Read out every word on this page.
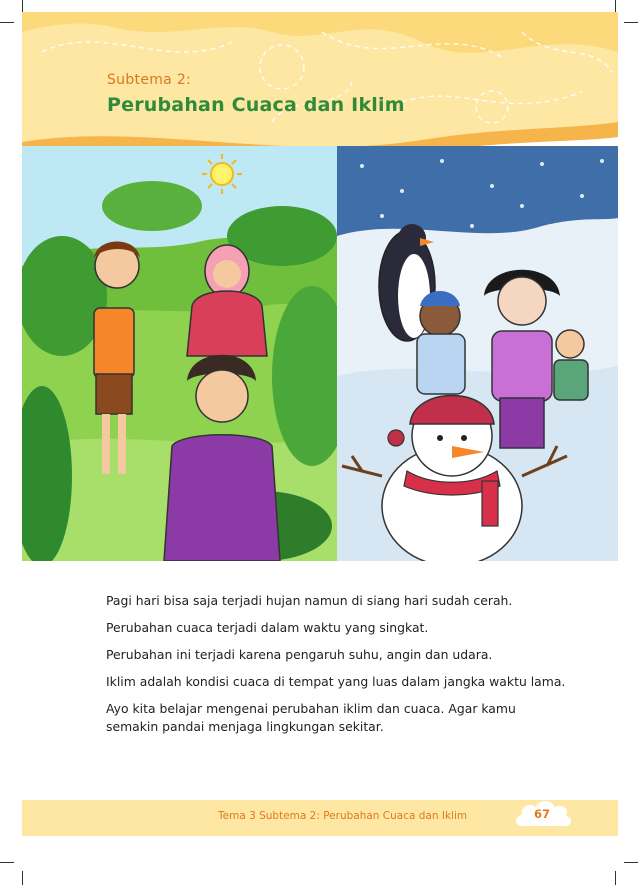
Subtema 2:
Perubahan Cuaca dan Iklim

Pagi hari bisa saja terjadi hujan namun di siang hari sudah cerah.

Perubahan cuaca terjadi dalam waktu yang singkat.

Perubahan ini terjadi karena pengaruh suhu, angin dan udara.

Iklim adalah kondisi cuaca di tempat yang luas dalam jangka waktu lama.

Ayo kita belajar mengenai perubahan iklim dan cuaca. Agar kamu semakin pandai menjaga lingkungan sekitar.

Tema 3 Subtema 2: Perubahan Cuaca dan Iklim	67
